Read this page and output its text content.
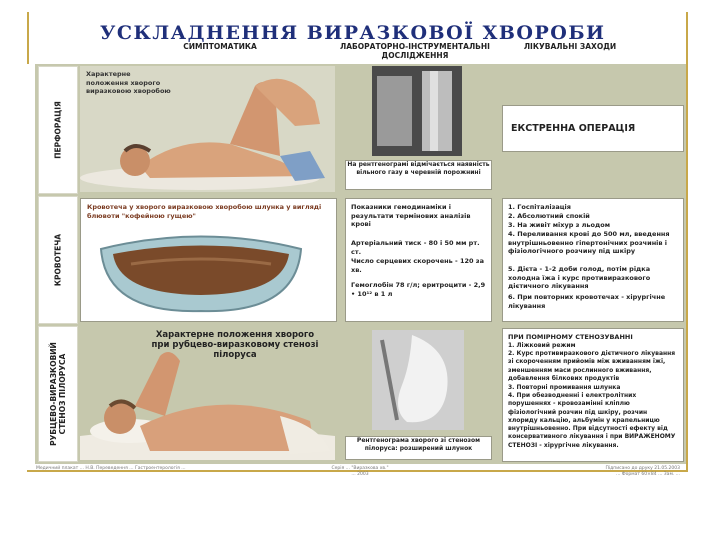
УСКЛАДНЕННЯ ВИРАЗКОВОЇ ХВОРОБИ
СИМПТОМАТИКА	ЛАБОРАТОРНО-ІНСТРУМЕНТАЛЬНІ ДОСЛІДЖЕННЯ
ЛІКУВАЛЬНІ ЗАХОДИ
ПЕРФОРАЦІЯ
Характерне положення хворого виразковою хворобою
На рентгенограмі відмічається наявність вільного газу в черевній порожнині
ЕКСТРЕННА ОПЕРАЦІЯ
КРОВОТЕЧА
Кровотеча у хворого виразковою хворобою шлунка у вигляді блювоти "кофейною гущею"
Показники гемодинаміки і результати термінових аналізів крові
Артеріальний тиск - 80 і 50 мм рт. ст.
Число серцевих скорочень - 120 за хв.
Гемоглобін 78 г/л; еритроцити - 2,9 • 10¹² в 1 л
1. Госпіталізація
2. Абсолютний спокій
3. На живіт міхур з льодом
4. Переливання крові до 500 мл, введення внутрішньовенно гіпертонічних розчинів і фізіологічного розчину під шкіру
5. Дієта - 1-2 доби голод, потім рідка холодна їжа і курс противиразкового дієтичного лікування
6. При повторних кровотечах - хірургічне лікування
РУБЦЕВО-ВИРАЗКОВИЙ СТЕНОЗ ПІЛОРУСА
Характерне положення хворого при рубцево-виразковому стенозі пілоруса
Рентгенограма хворого зі стенозом пілоруса: розширений шлунок
ПРИ ПОМІРНОМУ СТЕНОЗУВАННІ
1. Ліжковий режим
2. Курс противиразкового дієтичного лікування зі скороченням прийомів між вживанням їжі, зменшенням маси рослинного вживання, добавлення білкових продуктів
3. Повторні промивання шлунка
4. При обезводненні і електролітних порушеннях - кровозамінні кліплю фізіологічний розчин під шкіру, розчин хлориду кальцію, альбумін у крапельницю внутрішньовенно. При відсутності ефекту від консервативного лікування і при ВИРАЖЕНОМУ СТЕНОЗІ - хірургічне лікування.
Медичний плакат ... Н.В. Переведення ... Гастроентерологія ...	Серія ... "Виразкова хв." ... 2003
Підписано до друку 21.05.2003 ... Формат 60×84 ... Зам. ...
